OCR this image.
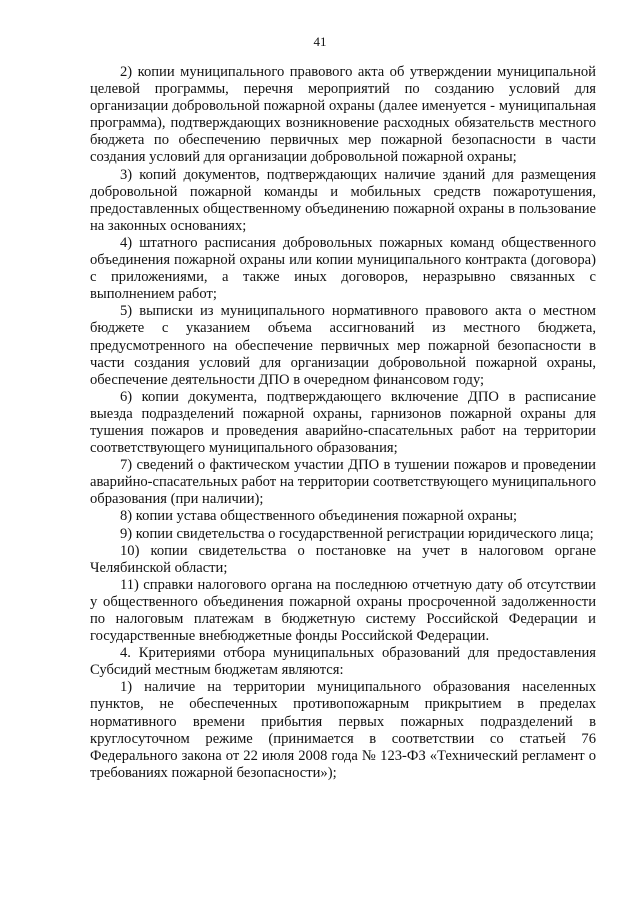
41

2) копии муниципального правового акта об утверждении муниципальной целевой программы, перечня мероприятий по созданию условий для организации добровольной пожарной охраны (далее именуется - муниципальная программа), подтверждающих возникновение расходных обязательств местного бюджета по обеспечению первичных мер пожарной безопасности в части создания условий для организации добровольной пожарной охраны;

3) копий документов, подтверждающих наличие зданий для размещения добровольной пожарной команды и мобильных средств пожаротушения, предоставленных общественному объединению пожарной охраны в пользование на законных основаниях;

4) штатного расписания добровольных пожарных команд общественного объединения пожарной охраны или копии муниципального контракта (договора) с приложениями, а также иных договоров, неразрывно связанных с выполнением работ;

5) выписки из муниципального нормативного правового акта о местном бюджете с указанием объема ассигнований из местного бюджета, предусмотренного на обеспечение первичных мер пожарной безопасности в части создания условий для организации добровольной пожарной охраны, обеспечение деятельности ДПО в очередном финансовом году;

6) копии документа, подтверждающего включение ДПО в расписание выезда подразделений пожарной охраны, гарнизонов пожарной охраны для тушения пожаров и проведения аварийно-спасательных работ на территории соответствующего муниципального образования;

7) сведений о фактическом участии ДПО в тушении пожаров и проведении аварийно-спасательных работ на территории соответствующего муниципального образования (при наличии);

8) копии устава общественного объединения пожарной охраны;

9) копии свидетельства о государственной регистрации юридического лица;

10) копии свидетельства о постановке на учет в налоговом органе Челябинской области;

11) справки налогового органа на последнюю отчетную дату об отсутствии у общественного объединения пожарной охраны просроченной задолженности по налоговым платежам в бюджетную систему Российской Федерации и государственные внебюджетные фонды Российской Федерации.

4. Критериями отбора муниципальных образований для предоставления Субсидий местным бюджетам являются:

1) наличие на территории муниципального образования населенных пунктов, не обеспеченных противопожарным прикрытием в пределах нормативного времени прибытия первых пожарных подразделений в круглосуточном режиме (принимается в соответствии со статьей 76 Федерального закона от 22 июля 2008 года № 123-ФЗ «Технический регламент о требованиях пожарной безопасности»);
